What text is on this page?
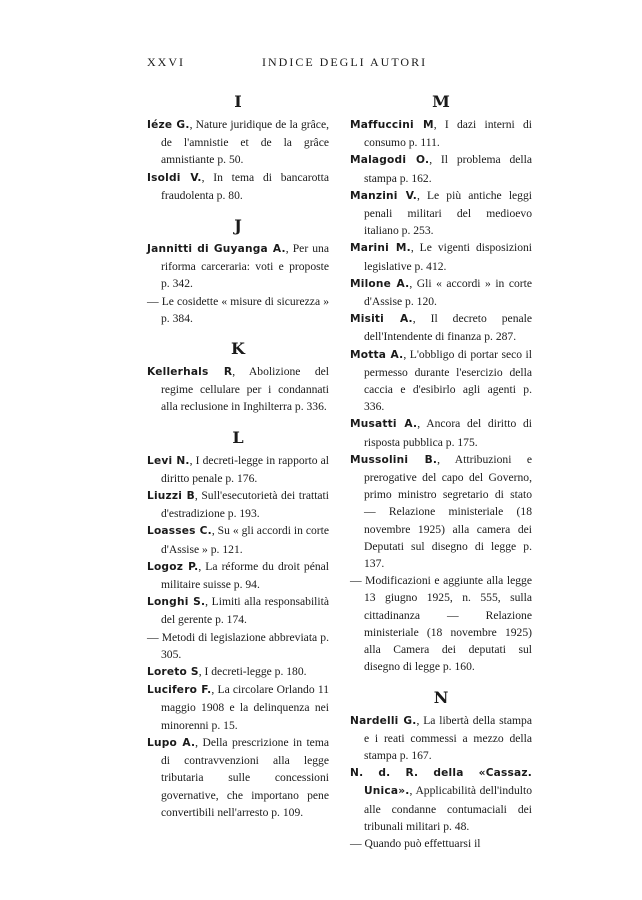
XXVI	INDICE DEGLI AUTORI
I

Iéze G., Nature juridique de la grâce, de l'amnistie et de la grâce amnistiante p. 50.

Isoldi V., In tema di bancarotta fraudolenta p. 80.

J

Jannitti di Guyanga A., Per una riforma carceraria: voti e proposte p. 342.

— Le cosidette « misure di sicurezza » p. 384.

K

Kellerhals R, Abolizione del regime cellulare per i condannati alla reclusione in Inghilterra p. 336.

L

Levi N., I decreti-legge in rapporto al diritto penale p. 176.

Liuzzi B, Sull'esecutorietà dei trattati d'estradizione p. 193.

Loasses C., Su « gli accordi in corte d'Assise » p. 121.

Logoz P., La réforme du droit pénal militaire suisse p. 94.

Longhi S., Limiti alla responsabilità del gerente p. 174.

— Metodi di legislazione abbreviata p. 305.

Loreto S, I decreti-legge p. 180.

Lucifero F., La circolare Orlando 11 maggio 1908 e la delinquenza nei minorenni p. 15.

Lupo A., Della prescrizione in tema di contravvenzioni alla legge tributaria sulle concessioni governative, che importano pene convertibili nell'arresto p. 109.

M

Maffuccini M, I dazi interni di consumo p. 111.

Malagodi O., Il problema della stampa p. 162.

Manzini V., Le più antiche leggi penali militari del medioevo italiano p. 253.

Marini M., Le vigenti disposizioni legislative p. 412.

Milone A., Gli « accordi » in corte d'Assise p. 120.

Misiti A., Il decreto penale dell'Intendente di finanza p. 287.

Motta A., L'obbligo di portar seco il permesso durante l'esercizio della caccia e d'esibirlo agli agenti p. 336.

Musatti A., Ancora del diritto di risposta pubblica p. 175.

Mussolini B., Attribuzioni e prerogative del capo del Governo, primo ministro segretario di stato — Relazione ministeriale (18 novembre 1925) alla camera dei Deputati sul disegno di legge p. 137.

— Modificazioni e aggiunte alla legge 13 giugno 1925, n. 555, sulla cittadinanza — Relazione ministeriale (18 novembre 1925) alla Camera dei deputati sul disegno di legge p. 160.

N

Nardelli G., La libertà della stampa e i reati commessi a mezzo della stampa p. 167.

N. d. R. della «Cassaz. Unica»., Applicabilità dell'indulto alle condanne contumaciali dei tribunali militari p. 48.

— Quando può effettuarsi il
